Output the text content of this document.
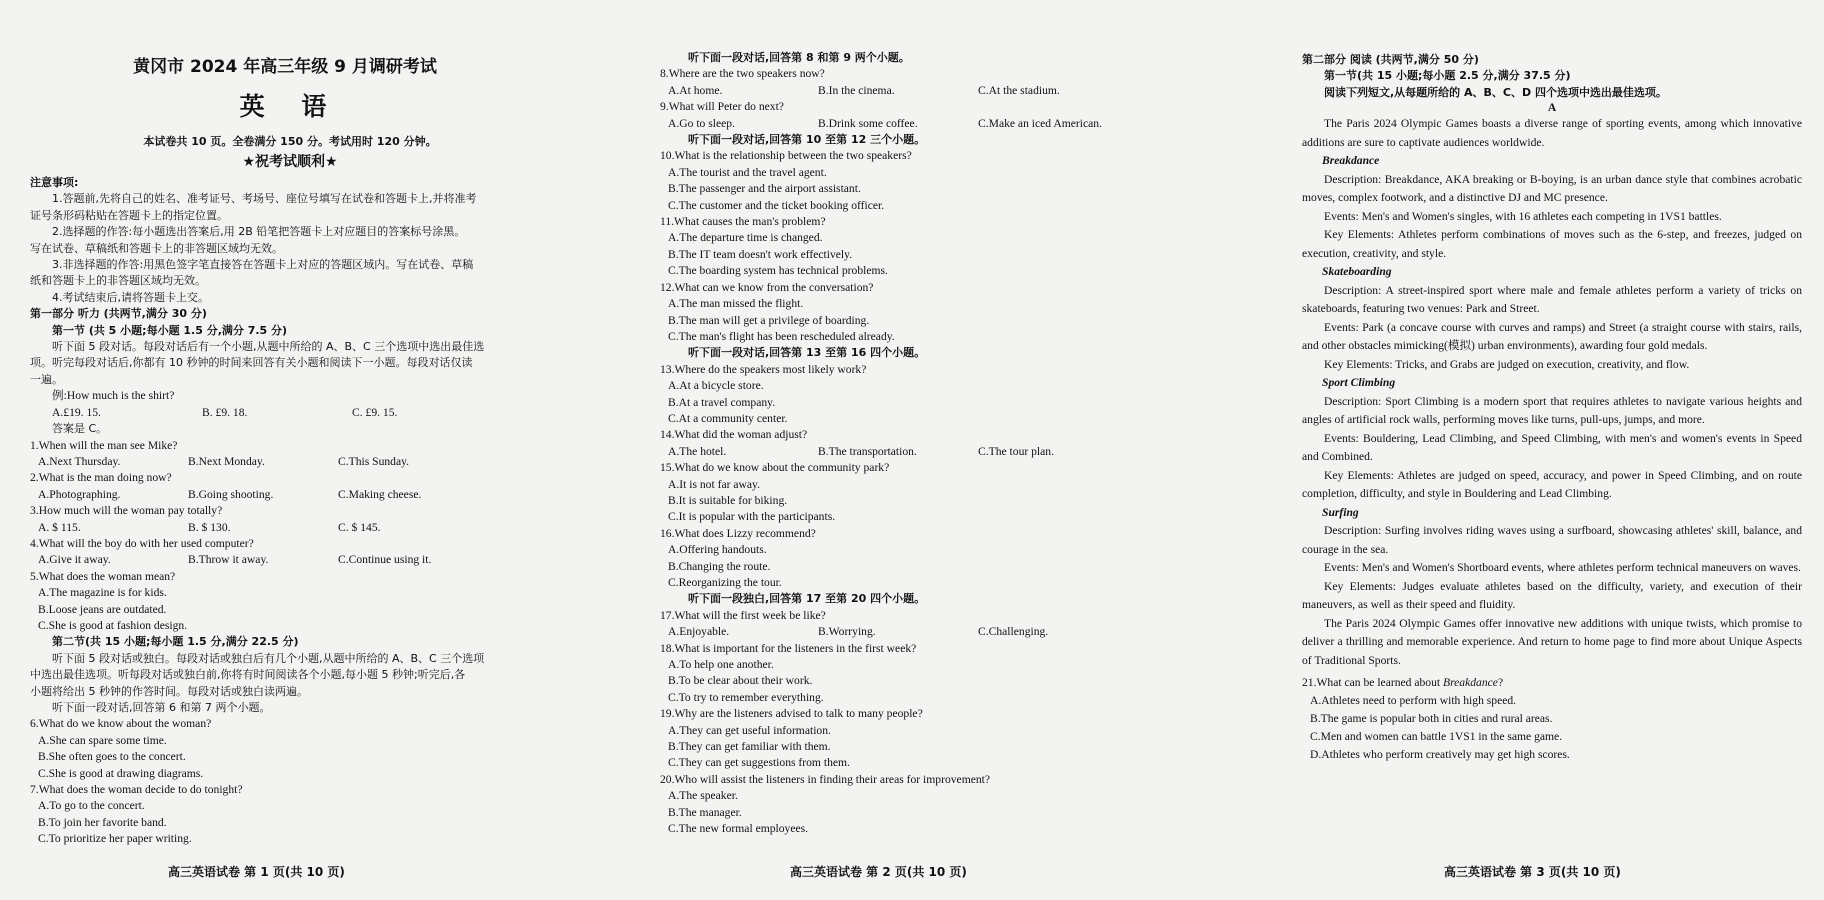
黄冈市 2024 年高三年级 9 月调研考试
英 语
本试卷共 10 页。全卷满分 150 分。考试用时 120 分钟。
★祝考试顺利★
注意事项:
1.答题前,先将自己的姓名、准考证号、考场号、座位号填写在试卷和答题卡上,并将准考
证号条形码粘贴在答题卡上的指定位置。
2.选择题的作答:每小题选出答案后,用 2B 铅笔把答题卡上对应题目的答案标号涂黑。
写在试卷、草稿纸和答题卡上的非答题区域均无效。
3.非选择题的作答:用黑色签字笔直接答在答题卡上对应的答题区域内。写在试卷、草稿
纸和答题卡上的非答题区域均无效。
4.考试结束后,请将答题卡上交。
第一部分 听力 (共两节,满分 30 分)
第一节 (共 5 小题;每小题 1.5 分,满分 7.5 分)
听下面 5 段对话。每段对话后有一个小题,从题中所给的 A、B、C 三个选项中选出最佳选
项。听完每段对话后,你都有 10 秒钟的时间来回答有关小题和阅读下一小题。每段对话仅读
一遍。
例:How much is the shirt?
A.£19. 15.	B. £9. 18.	C. £9. 15.
答案是 C。
1.When will the man see Mike?
A.Next Thursday.	B.Next Monday.	C.This Sunday.
2.What is the man doing now?
A.Photographing.	B.Going shooting.	C.Making cheese.
3.How much will the woman pay totally?
A. $ 115.	B. $ 130.	C. $ 145.
4.What will the boy do with her used computer?
A.Give it away.	B.Throw it away.	C.Continue using it.
5.What does the woman mean?
A.The magazine is for kids.
B.Loose jeans are outdated.
C.She is good at fashion design.
第二节(共 15 小题;每小题 1.5 分,满分 22.5 分)
听下面 5 段对话或独白。每段对话或独白后有几个小题,从题中所给的 A、B、C 三个选项
中选出最佳选项。听每段对话或独白前,你将有时间阅读各个小题,每小题 5 秒钟;听完后,各
小题将给出 5 秒钟的作答时间。每段对话或独白读两遍。
听下面一段对话,回答第 6 和第 7 两个小题。
6.What do we know about the woman?
A.She can spare some time.
B.She often goes to the concert.
C.She is good at drawing diagrams.
7.What does the woman decide to do tonight?
A.To go to the concert.
B.To join her favorite band.
C.To prioritize her paper writing.
高三英语试卷 第 1 页(共 10 页)
听下面一段对话,回答第 8 和第 9 两个小题。
8.Where are the two speakers now?
A.At home.	B.In the cinema.	C.At the stadium.
9.What will Peter do next?
A.Go to sleep.	B.Drink some coffee.	C.Make an iced American.
听下面一段对话,回答第 10 至第 12 三个小题。
10.What is the relationship between the two speakers?
A.The tourist and the travel agent.
B.The passenger and the airport assistant.
C.The customer and the ticket booking officer.
11.What causes the man's problem?
A.The departure time is changed.
B.The IT team doesn't work effectively.
C.The boarding system has technical problems.
12.What can we know from the conversation?
A.The man missed the flight.
B.The man will get a privilege of boarding.
C.The man's flight has been rescheduled already.
听下面一段对话,回答第 13 至第 16 四个小题。
13.Where do the speakers most likely work?
A.At a bicycle store.
B.At a travel company.
C.At a community center.
14.What did the woman adjust?
A.The hotel.	B.The transportation.	C.The tour plan.
15.What do we know about the community park?
A.It is not far away.
B.It is suitable for biking.
C.It is popular with the participants.
16.What does Lizzy recommend?
A.Offering handouts.
B.Changing the route.
C.Reorganizing the tour.
听下面一段独白,回答第 17 至第 20 四个小题。
17.What will the first week be like?
A.Enjoyable.	B.Worrying.	C.Challenging.
18.What is important for the listeners in the first week?
A.To help one another.
B.To be clear about their work.
C.To try to remember everything.
19.Why are the listeners advised to talk to many people?
A.They can get useful information.
B.They can get familiar with them.
C.They can get suggestions from them.
20.Who will assist the listeners in finding their areas for improvement?
A.The speaker.
B.The manager.
C.The new formal employees.
高三英语试卷 第 2 页(共 10 页)
第二部分 阅读 (共两节,满分 50 分)
第一节(共 15 小题;每小题 2.5 分,满分 37.5 分)
阅读下列短文,从每题所给的 A、B、C、D 四个选项中选出最佳选项。
A
The Paris 2024 Olympic Games boasts a diverse range of sporting events, among which innovative additions are sure to captivate audiences worldwide.
Breakdance
Description: Breakdance, AKA breaking or B-boying, is an urban dance style that combines acrobatic moves, complex footwork, and a distinctive DJ and MC presence.
Events: Men's and Women's singles, with 16 athletes each competing in 1VS1 battles.
Key Elements: Athletes perform combinations of moves such as the 6-step, and freezes, judged on execution, creativity, and style.
Skateboarding
Description: A street-inspired sport where male and female athletes perform a variety of tricks on skateboards, featuring two venues: Park and Street.
Events: Park (a concave course with curves and ramps) and Street (a straight course with stairs, rails, and other obstacles mimicking(模拟) urban environments), awarding four gold medals.
Key Elements: Tricks, and Grabs are judged on execution, creativity, and flow.
Sport Climbing
Description: Sport Climbing is a modern sport that requires athletes to navigate various heights and angles of artificial rock walls, performing moves like turns, pull-ups, jumps, and more.
Events: Bouldering, Lead Climbing, and Speed Climbing, with men's and women's events in Speed and Combined.
Key Elements: Athletes are judged on speed, accuracy, and power in Speed Climbing, and on route completion, difficulty, and style in Bouldering and Lead Climbing.
Surfing
Description: Surfing involves riding waves using a surfboard, showcasing athletes' skill, balance, and courage in the sea.
Events: Men's and Women's Shortboard events, where athletes perform technical maneuvers on waves.
Key Elements: Judges evaluate athletes based on the difficulty, variety, and execution of their maneuvers, as well as their speed and fluidity.
The Paris 2024 Olympic Games offer innovative new additions with unique twists, which promise to deliver a thrilling and memorable experience. And return to home page to find more about Unique Aspects of Traditional Sports.
21.What can be learned about Breakdance?
A.Athletes need to perform with high speed.
B.The game is popular both in cities and rural areas.
C.Men and women can battle 1VS1 in the same game.
D.Athletes who perform creatively may get high scores.
高三英语试卷 第 3 页(共 10 页)
